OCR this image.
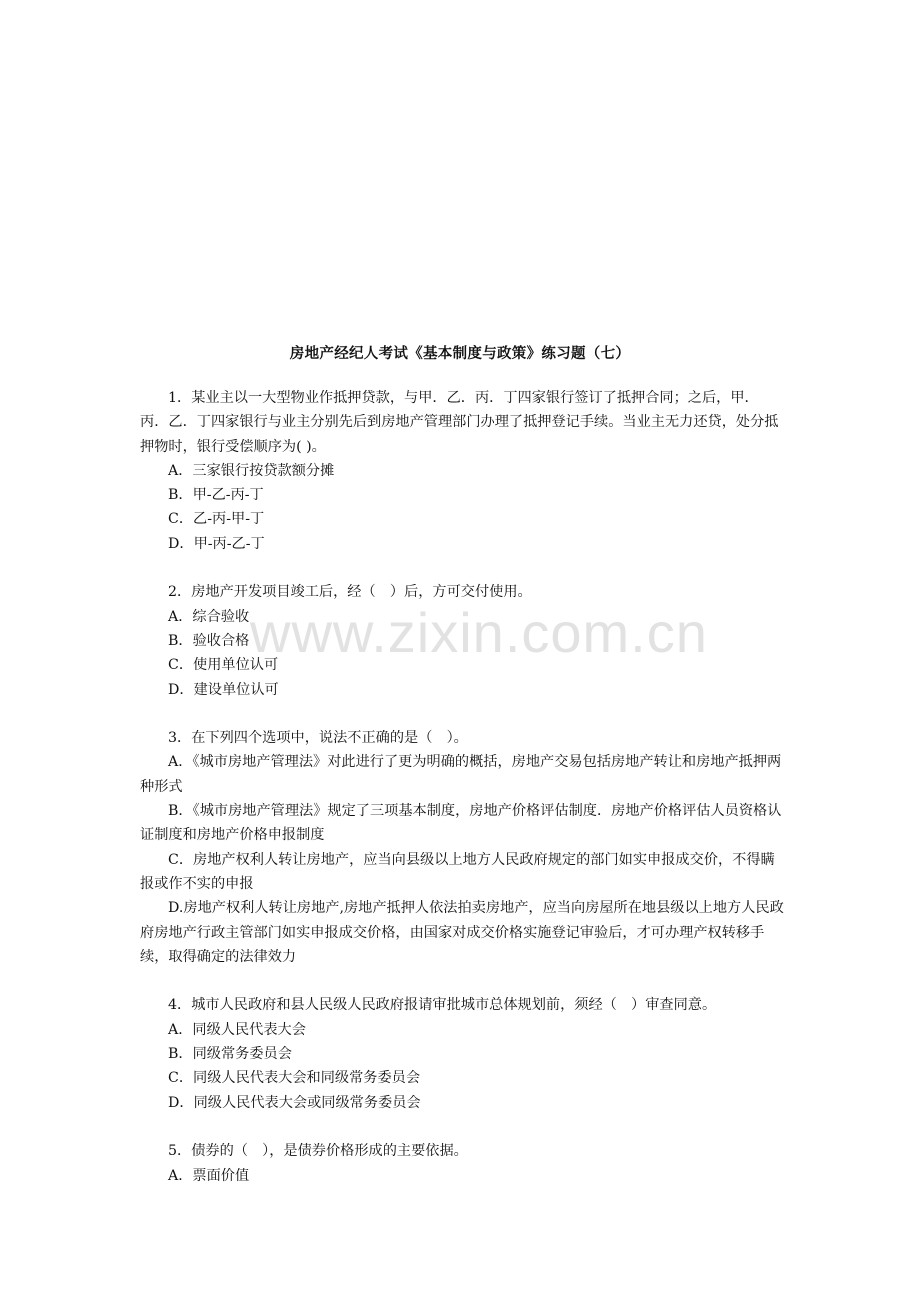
www.zixin.com.cn
房地产经纪人考试《基本制度与政策》练习题（七）

1．某业主以一大型物业作抵押贷款，与甲．乙．丙．丁四家银行签订了抵押合同；之后，甲．丙．乙．丁四家银行与业主分别先后到房地产管理部门办理了抵押登记手续。当业主无力还贷，处分抵押物时，银行受偿顺序为( )。

A．三家银行按贷款额分摊

B．甲-乙-丙-丁

C．乙-丙-甲-丁

D．甲-丙-乙-丁

2．房地产开发项目竣工后，经（　）后，方可交付使用。

A．综合验收

B．验收合格

C．使用单位认可

D．建设单位认可

3．在下列四个选项中，说法不正确的是（　）。

A．《城市房地产管理法》对此进行了更为明确的概括，房地产交易包括房地产转让和房地产抵押两种形式

B．《城市房地产管理法》规定了三项基本制度，房地产价格评估制度．房地产价格评估人员资格认证制度和房地产价格申报制度

C．房地产权利人转让房地产，应当向县级以上地方人民政府规定的部门如实申报成交价，不得瞒报或作不实的申报

D.房地产权利人转让房地产,房地产抵押人依法拍卖房地产，应当向房屋所在地县级以上地方人民政府房地产行政主管部门如实申报成交价格，由国家对成交价格实施登记审验后，才可办理产权转移手续，取得确定的法律效力

4．城市人民政府和县人民级人民政府报请审批城市总体规划前，须经（　）审查同意。

A．同级人民代表大会

B．同级常务委员会

C．同级人民代表大会和同级常务委员会

D．同级人民代表大会或同级常务委员会

5．债券的（　），是债券价格形成的主要依据。

A．票面价值
